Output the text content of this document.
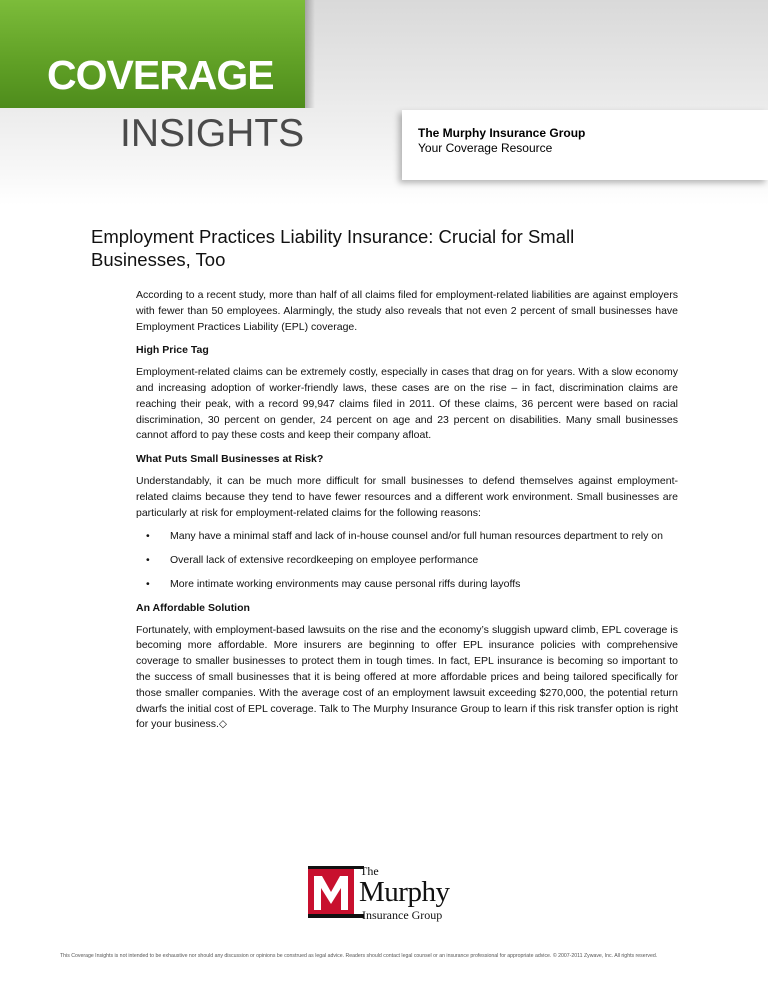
COVERAGE
INSIGHTS	The Murphy Insurance Group
Your Coverage Resource
Employment Practices Liability Insurance: Crucial for Small Businesses, Too

According to a recent study, more than half of all claims filed for employment-related liabilities are against employers with fewer than 50 employees. Alarmingly, the study also reveals that not even 2 percent of small businesses have Employment Practices Liability (EPL) coverage.

High Price Tag

Employment-related claims can be extremely costly, especially in cases that drag on for years. With a slow economy and increasing adoption of worker-friendly laws, these cases are on the rise – in fact, discrimination claims are reaching their peak, with a record 99,947 claims filed in 2011. Of these claims, 36 percent were based on racial discrimination, 30 percent on gender, 24 percent on age and 23 percent on disabilities. Many small businesses cannot afford to pay these costs and keep their company afloat.

What Puts Small Businesses at Risk?

Understandably, it can be much more difficult for small businesses to defend themselves against employment-related claims because they tend to have fewer resources and a different work environment. Small businesses are particularly at risk for employment-related claims for the following reasons:

• Many have a minimal staff and lack of in-house counsel and/or full human resources department to rely on
• Overall lack of extensive recordkeeping on employee performance
• More intimate working environments may cause personal riffs during layoffs
An Affordable Solution

Fortunately, with employment-based lawsuits on the rise and the economy’s sluggish upward climb, EPL coverage is becoming more affordable. More insurers are beginning to offer EPL insurance policies with comprehensive coverage to smaller businesses to protect them in tough times. In fact, EPL insurance is becoming so important to the success of small businesses that it is being offered at more affordable prices and being tailored specifically for those smaller companies. With the average cost of an employment lawsuit exceeding $270,000, the potential return dwarfs the initial cost of EPL coverage. Talk to The Murphy Insurance Group to learn if this risk transfer option is right for your business.◇

The
Murphy
Insurance Group
This Coverage Insights is not intended to be exhaustive nor should any discussion or opinions be construed as legal advice. Readers should contact legal counsel or an insurance professional for appropriate advice. © 2007-2011 Zywave, Inc. All rights reserved.
